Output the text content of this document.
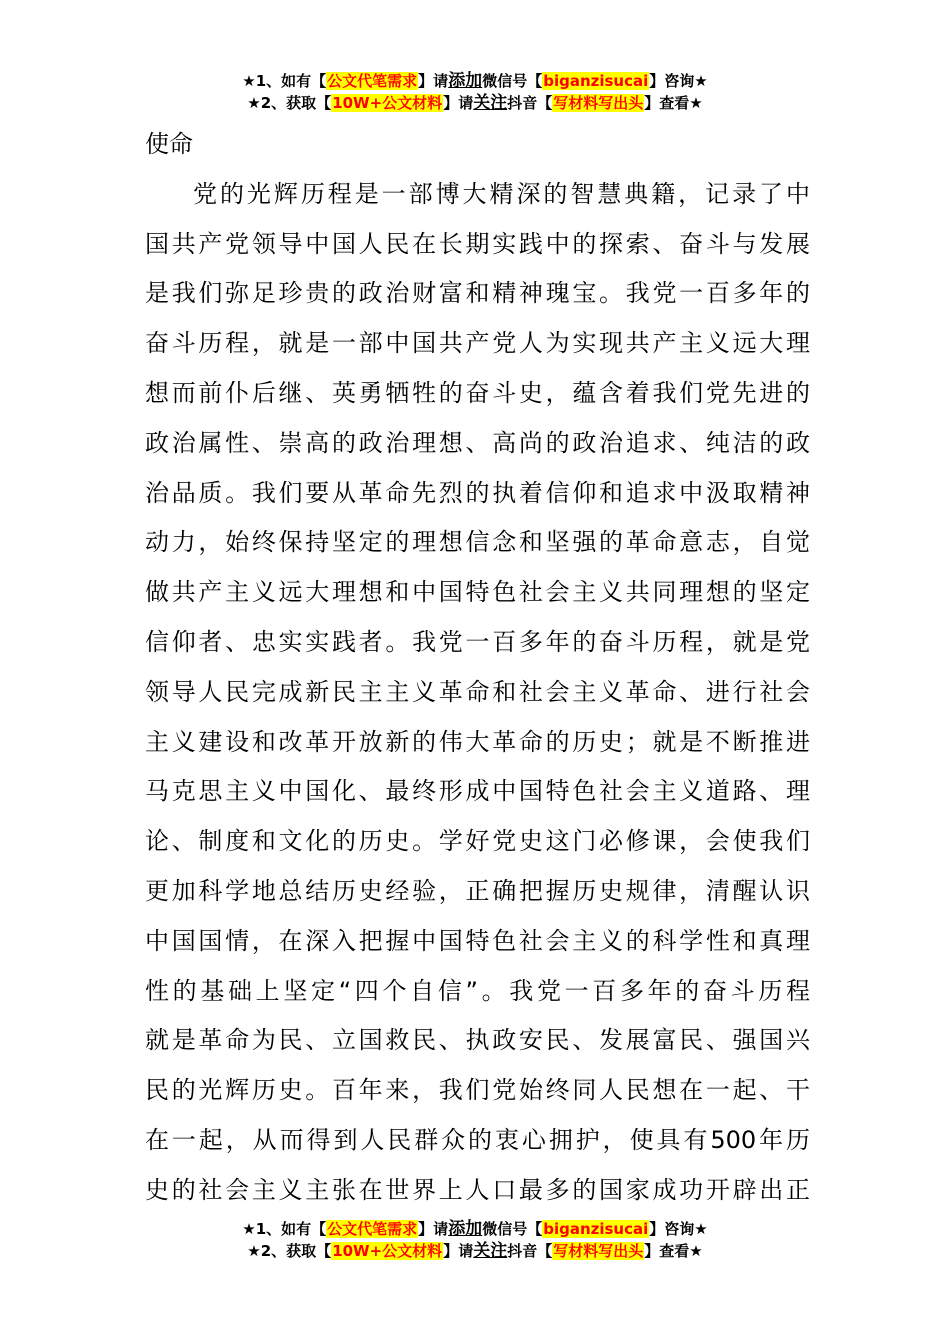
★1、如有【公文代笔需求】请添加微信号【biganzisucai】咨询★
★2、获取【10W+公文材料】请关注抖音【写材料写出头】查看★
使命
党的光辉历程是一部博大精深的智慧典籍，记录了中
国共产党领导中国人民在长期实践中的探索、奋斗与发展
是我们弥足珍贵的政治财富和精神瑰宝。我党一百多年的
奋斗历程，就是一部中国共产党人为实现共产主义远大理
想而前仆后继、英勇牺牲的奋斗史，蕴含着我们党先进的
政治属性、崇高的政治理想、高尚的政治追求、纯洁的政
治品质。我们要从革命先烈的执着信仰和追求中汲取精神
动力，始终保持坚定的理想信念和坚强的革命意志，自觉
做共产主义远大理想和中国特色社会主义共同理想的坚定
信仰者、忠实实践者。我党一百多年的奋斗历程，就是党
领导人民完成新民主主义革命和社会主义革命、进行社会
主义建设和改革开放新的伟大革命的历史；就是不断推进
马克思主义中国化、最终形成中国特色社会主义道路、理
论、制度和文化的历史。学好党史这门必修课，会使我们
更加科学地总结历史经验，正确把握历史规律，清醒认识
中国国情，在深入把握中国特色社会主义的科学性和真理
性的基础上坚定“四个自信”。我党一百多年的奋斗历程
就是革命为民、立国救民、执政安民、发展富民、强国兴
民的光辉历史。百年来，我们党始终同人民想在一起、干
在一起，从而得到人民群众的衷心拥护，使具有500年历
史的社会主义主张在世界上人口最多的国家成功开辟出正
★1、如有【公文代笔需求】请添加微信号【biganzisucai】咨询★
★2、获取【10W+公文材料】请关注抖音【写材料写出头】查看★
